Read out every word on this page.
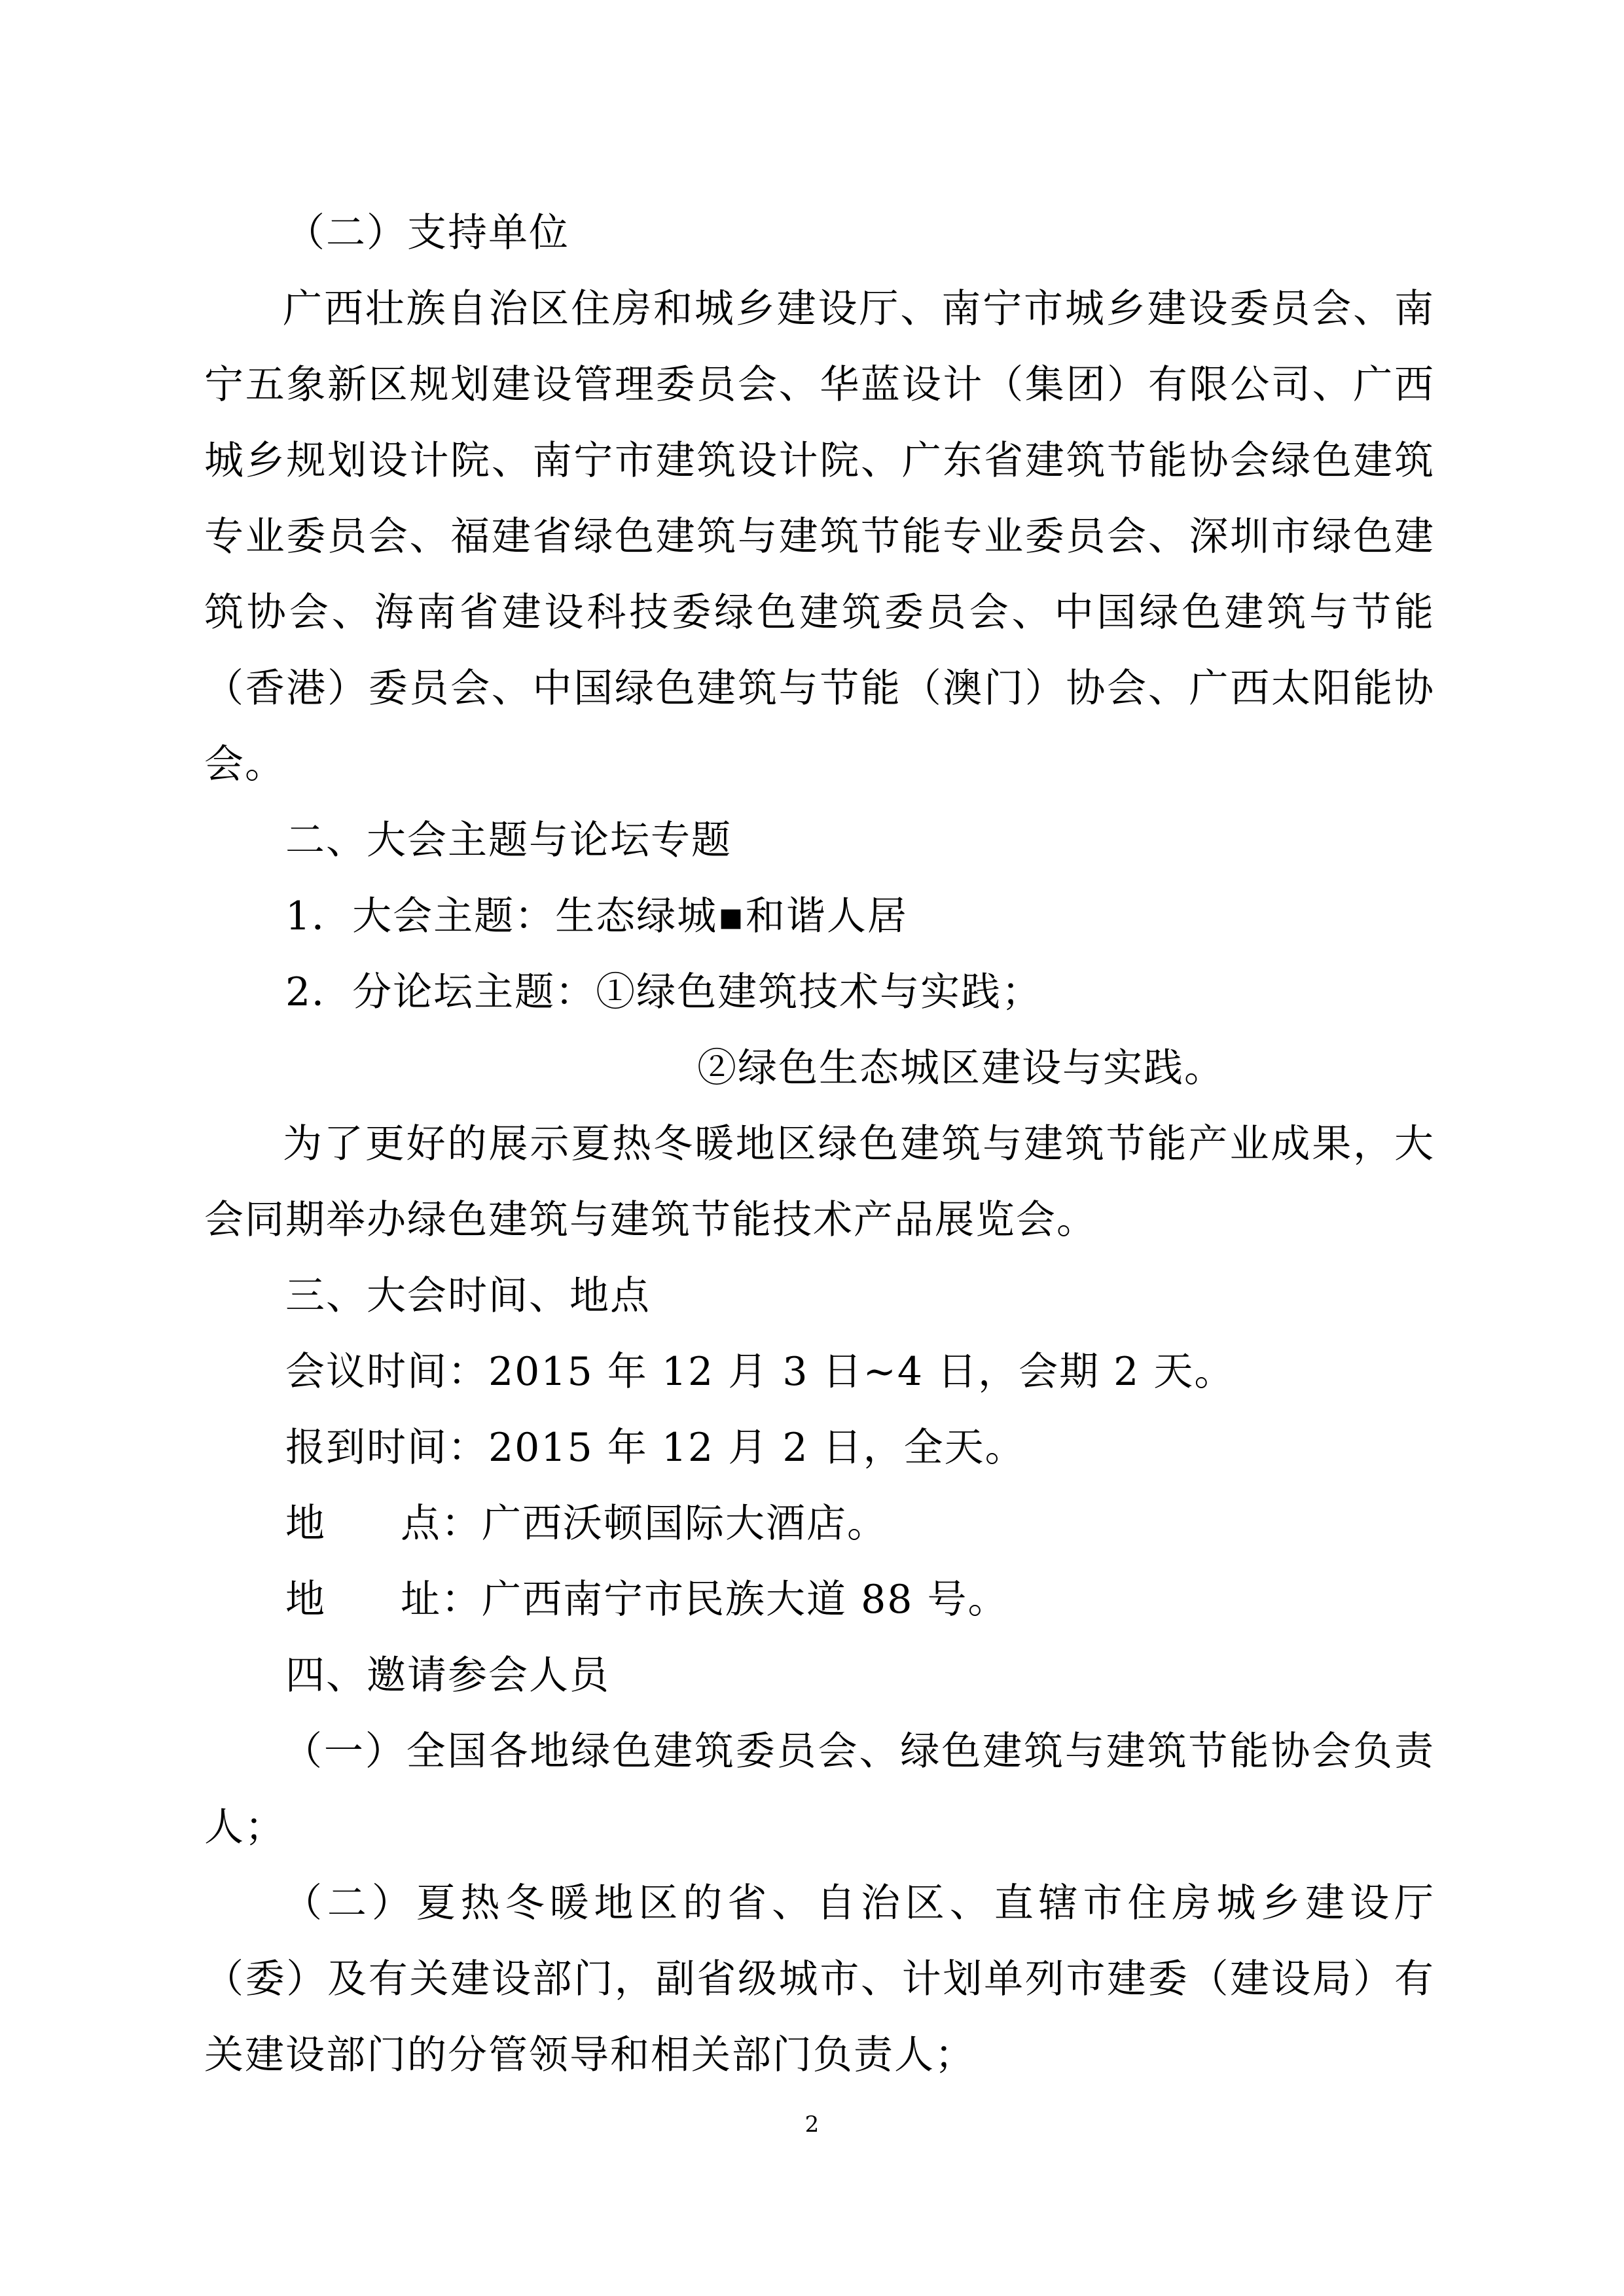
（二）支持单位

广西壮族自治区住房和城乡建设厅、南宁市城乡建设委员会、南宁五象新区规划建设管理委员会、华蓝设计（集团）有限公司、广西城乡规划设计院、南宁市建筑设计院、广东省建筑节能协会绿色建筑专业委员会、福建省绿色建筑与建筑节能专业委员会、深圳市绿色建筑协会、海南省建设科技委绿色建筑委员会、中国绿色建筑与节能（香港）委员会、中国绿色建筑与节能（澳门）协会、广西太阳能协会。

二、大会主题与论坛专题
1．大会主题：生态绿城▪和谐人居
2．分论坛主题：①绿色建筑技术与实践；
②绿色生态城区建设与实践。

为了更好的展示夏热冬暖地区绿色建筑与建筑节能产业成果，大会同期举办绿色建筑与建筑节能技术产品展览会。

三、大会时间、地点
会议时间：2015 年 12 月 3 日~4 日，会期 2 天。
报到时间：2015 年 12 月 2 日，全天。
地 点：广西沃顿国际大酒店。
地 址：广西南宁市民族大道 88 号。
四、邀请参会人员

（一）全国各地绿色建筑委员会、绿色建筑与建筑节能协会负责人；

（二）夏热冬暖地区的省、自治区、直辖市住房城乡建设厅（委）及有关建设部门，副省级城市、计划单列市建委（建设局）有关建设部门的分管领导和相关部门负责人；

2
